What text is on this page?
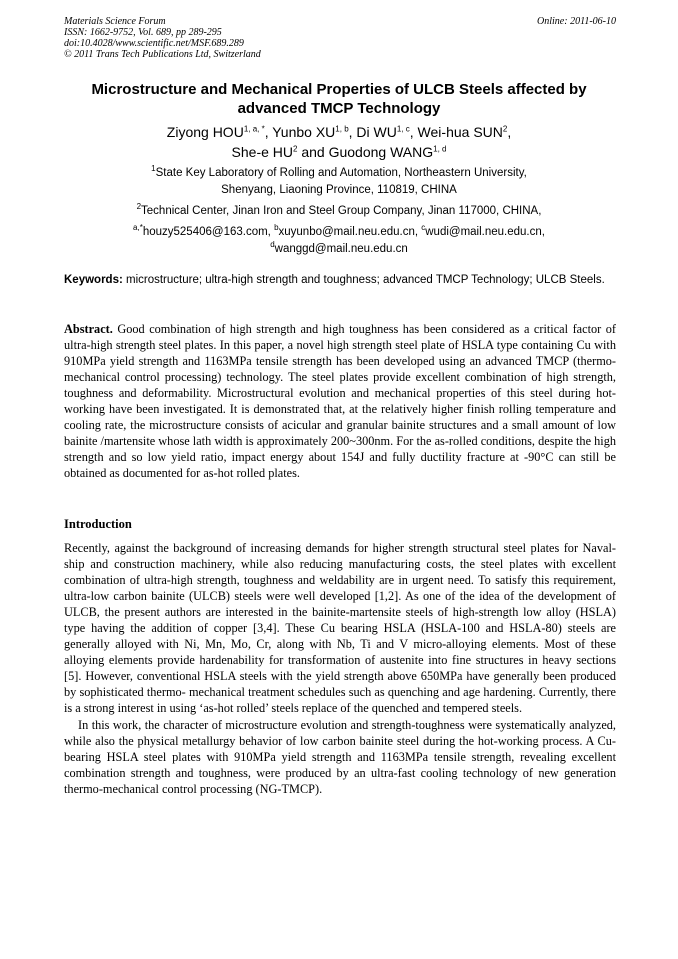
Materials Science Forum
ISSN: 1662-9752, Vol. 689, pp 289-295
doi:10.4028/www.scientific.net/MSF.689.289
© 2011 Trans Tech Publications Ltd, Switzerland
Online: 2011-06-10
Microstructure and Mechanical Properties of ULCB Steels affected by advanced TMCP Technology
Ziyong $HOU^{1, a, *}$, Yunbo XU$^{1, b}$, Di WU$^{1, c}$, Wei-hua SUN$^2$,
She-e $HU^2$ and Guodong WANG$^{1, d}$
$^1$State Key Laboratory of Rolling and Automation, Northeastern University,
Shenyang, Liaoning Province, 110819, CHINA
$^2$Technical Center, Jinan Iron and Steel Group Company, Jinan 117000, CHINA,
$^{a,*}$houzy525406@163.com, $^b$xuyunbo@mail.neu.edu.cn, $^c$wudi@mail.neu.edu.cn,
$^d$wanggd@mail.neu.edu.cn
Keywords: microstructure; ultra-high strength and toughness; advanced TMCP Technology; ULCB Steels.
Abstract. Good combination of high strength and high toughness has been considered as a critical factor of ultra-high strength steel plates. In this paper, a novel high strength steel plate of HSLA type containing Cu with 910MPa yield strength and 1163MPa tensile strength has been developed using an advanced TMCP (thermo-mechanical control processing) technology. The steel plates provide excellent combination of high strength, toughness and deformability. Microstructural evolution and mechanical properties of this steel during hot-working have been investigated. It is demonstrated that, at the relatively higher finish rolling temperature and cooling rate, the microstructure consists of acicular and granular bainite structures and a small amount of low bainite /martensite whose lath width is approximately 200~300nm. For the as-rolled conditions, despite the high strength and so low yield ratio, impact energy about 154J and fully ductility fracture at -90°C can still be obtained as documented for as-hot rolled plates.
Introduction

Recently, against the background of increasing demands for higher strength structural steel plates for Naval-ship and construction machinery, while also reducing manufacturing costs, the steel plates with excellent combination of ultra-high strength, toughness and weldability are in urgent need. To satisfy this requirement, ultra-low carbon bainite (ULCB) steels were well developed [1,2]. As one of the idea of the development of ULCB, the present authors are interested in the bainite-martensite steels of high-strength low alloy (HSLA) type having the addition of copper [3,4]. These Cu bearing HSLA (HSLA-100 and HSLA-80) steels are generally alloyed with Ni, Mn, Mo, Cr, along with Nb, Ti and V micro-alloying elements. Most of these alloying elements provide hardenability for transformation of austenite into fine structures in heavy sections [5]. However, conventional HSLA steels with the yield strength above 650MPa have generally been produced by sophisticated thermo- mechanical treatment schedules such as quenching and age hardening. Currently, there is a strong interest in using ‘as-hot rolled’ steels replace of the quenched and tempered steels.

In this work, the character of microstructure evolution and strength-toughness were systematically analyzed, while also the physical metallurgy behavior of low carbon bainite steel during the hot-working process. A Cu-bearing HSLA steel plates with 910MPa yield strength and 1163MPa tensile strength, revealing excellent combination strength and toughness, were produced by an ultra-fast cooling technology of new generation thermo-mechanical control processing (NG-TMCP).
